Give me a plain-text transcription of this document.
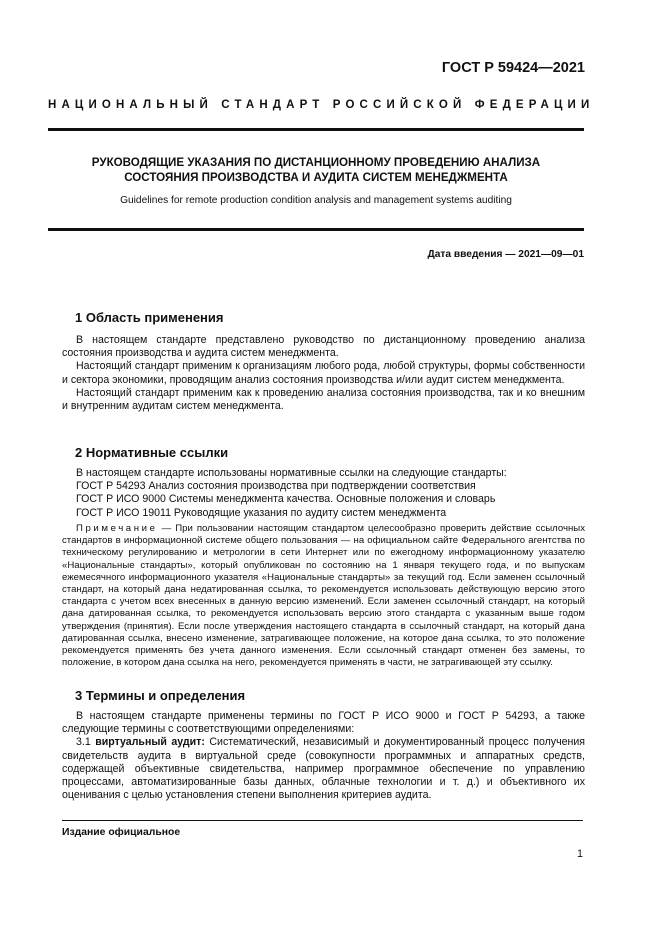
ГОСТ Р 59424—2021
НАЦИОНАЛЬНЫЙ СТАНДАРТ РОССИЙСКОЙ ФЕДЕРАЦИИ
РУКОВОДЯЩИЕ УКАЗАНИЯ ПО ДИСТАНЦИОННОМУ ПРОВЕДЕНИЮ АНАЛИЗА
СОСТОЯНИЯ ПРОИЗВОДСТВА И АУДИТА СИСТЕМ МЕНЕДЖМЕНТА
Guidelines for remote production condition analysis and management systems auditing
Дата введения — 2021—09—01
1 Область применения

В настоящем стандарте представлено руководство по дистанционному проведению анализа состояния производства и аудита систем менеджмента.

Настоящий стандарт применим к организациям любого рода, любой структуры, формы собственности и сектора экономики, проводящим анализ состояния производства и/или аудит систем менеджмента.

Настоящий стандарт применим как к проведению анализа состояния производства, так и ко внешним и внутренним аудитам систем менеджмента.

2 Нормативные ссылки

В настоящем стандарте использованы нормативные ссылки на следующие стандарты:

ГОСТ Р 54293 Анализ состояния производства при подтверждении соответствия

ГОСТ Р ИСО 9000 Системы менеджмента качества. Основные положения и словарь

ГОСТ Р ИСО 19011 Руководящие указания по аудиту систем менеджмента

Примечание — При пользовании настоящим стандартом целесообразно проверить действие ссылочных стандартов в информационной системе общего пользования — на официальном сайте Федерального агентства по техническому регулированию и метрологии в сети Интернет или по ежегодному информационному указателю «Национальные стандарты», который опубликован по состоянию на 1 января текущего года, и по выпускам ежемесячного информационного указателя «Национальные стандарты» за текущий год. Если заменен ссылочный стандарт, на который дана недатированная ссылка, то рекомендуется использовать действующую версию этого стандарта с учетом всех внесенных в данную версию изменений. Если заменен ссылочный стандарт, на который дана датированная ссылка, то рекомендуется использовать версию этого стандарта с указанным выше годом утверждения (принятия). Если после утверждения настоящего стандарта в ссылочный стандарт, на который дана датированная ссылка, внесено изменение, затрагивающее положение, на которое дана ссылка, то это положение рекомендуется применять без учета данного изменения. Если ссылочный стандарт отменен без замены, то положение, в котором дана ссылка на него, рекомендуется применять в части, не затрагивающей эту ссылку.

3 Термины и определения

В настоящем стандарте применены термины по ГОСТ Р ИСО 9000 и ГОСТ Р 54293, а также следующие термины с соответствующими определениями:

3.1 виртуальный аудит: Систематический, независимый и документированный процесс получения свидетельств аудита в виртуальной среде (совокупности программных и аппаратных средств, содержащей объективные свидетельства, например программное обеспечение по управлению процессами, автоматизированные базы данных, облачные технологии и т. д.) и объективного их оценивания с целью установления степени выполнения критериев аудита.

Издание официальное
1
